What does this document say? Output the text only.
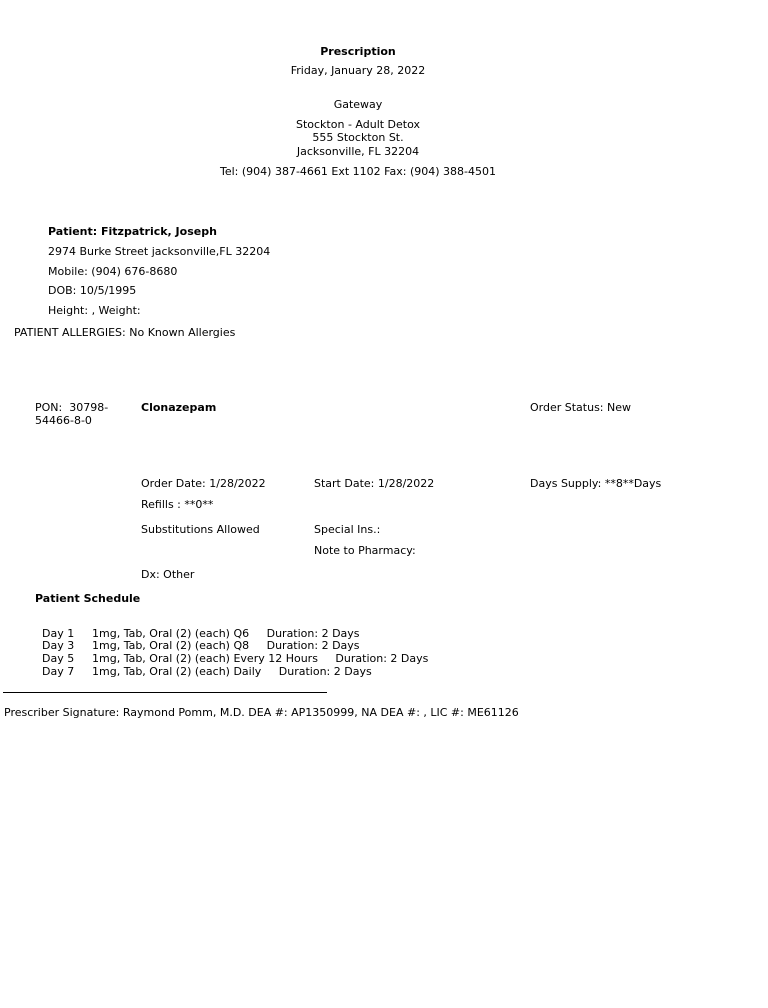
Prescription
Friday, January 28, 2022
Gateway
Stockton - Adult Detox
555 Stockton St.
Jacksonville, FL 32204
Tel: (904) 387-4661 Ext 1102 Fax: (904) 388-4501
Patient: Fitzpatrick, Joseph
2974 Burke Street jacksonville,FL 32204
Mobile: (904) 676-8680
DOB: 10/5/1995
Height: , Weight:
PATIENT ALLERGIES: No Known Allergies
PON: 30798-
54466-8-0
Clonazepam	Order Status: New
Order Date: 1/28/2022	Start Date: 1/28/2022	Days Supply: **8**Days
Refills : **0**
Substitutions Allowed	Special Ins.:
Note to Pharmacy:
Dx: Other
Patient Schedule

Day 1 1mg, Tab, Oral (2) (each) Q6     Duration: 2 Days

Day 3 1mg, Tab, Oral (2) (each) Q8     Duration: 2 Days

Day 5 1mg, Tab, Oral (2) (each) Every 12 Hours     Duration: 2 Days

Day 7 1mg, Tab, Oral (2) (each) Daily     Duration: 2 Days

Prescriber Signature: Raymond Pomm, M.D. DEA #: AP1350999, NA DEA #: , LIC #: ME61126
